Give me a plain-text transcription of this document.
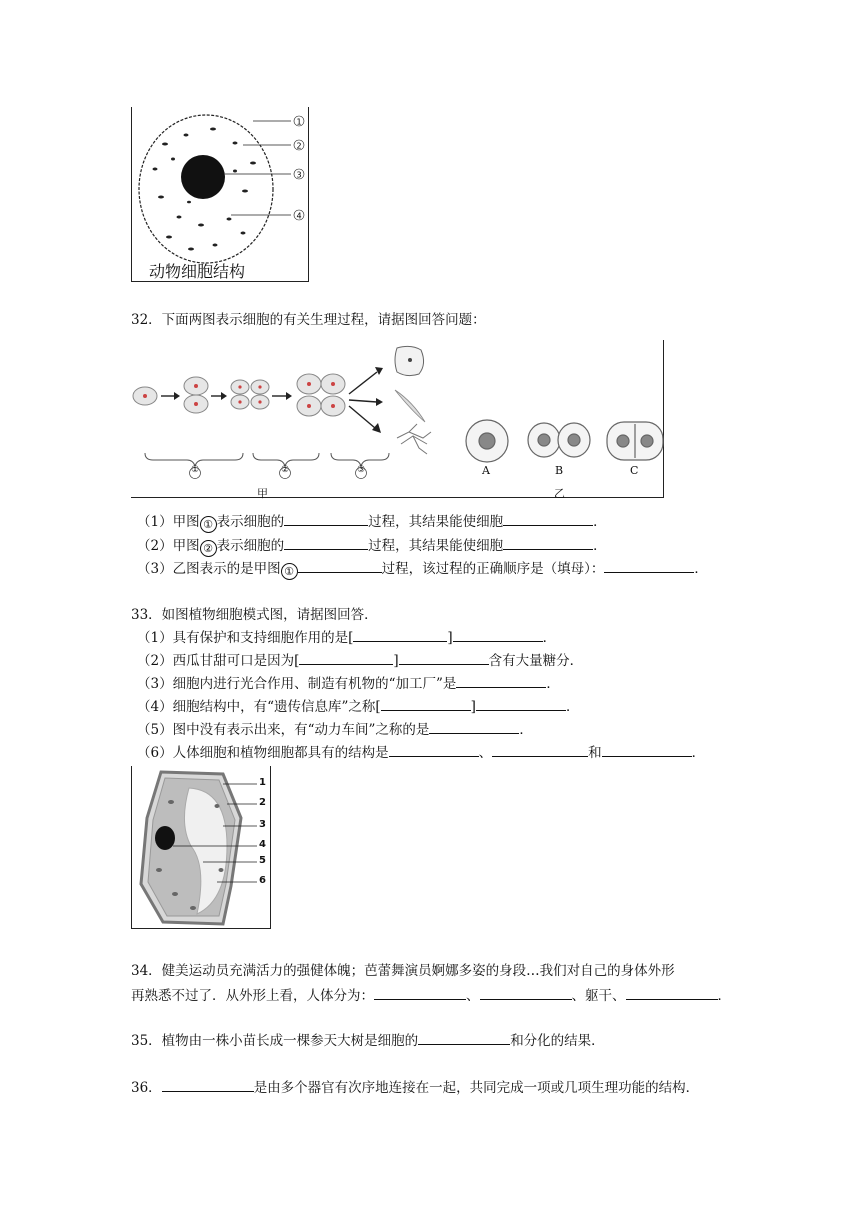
1
2
3
4
动物细胞结构
32．下面两图表示细胞的有关生理过程，请据图回答问题：
①	②	③	A	B	C
甲	乙
（1）甲图 ① 表示细胞的	过程，其结果能使细胞	．
（2）甲图 ② 表示细胞的	过程，其结果能使细胞	．
（3）乙图表示的是甲图 ①	过程，该过程的正确顺序是（填母）：	．
33．如图植物细胞模式图，请据图回答．
（1）具有保护和支持细胞作用的是[	]	．
（2）西瓜甘甜可口是因为[	]	含有大量糖分．
（3）细胞内进行光合作用、制造有机物的“加工厂”是	．
（4）细胞结构中，有“遗传信息库”之称[	]	．
（5）图中没有表示出来，有“动力车间”之称的是	．
（6）人体细胞和植物细胞都具有的结构是	、	和	．
1
2
3
4
5
6
34．健美运动员充满活力的强健体魄；芭蕾舞演员婀娜多姿的身段…我们对自己的身体外形
再熟悉不过了．从外形上看，人体分为：	、	、躯干、	．
35．植物由一株小苗长成一棵参天大树是细胞的	和分化的结果．
36．	是由多个器官有次序地连接在一起，共同完成一项或几项生理功能的结构．
